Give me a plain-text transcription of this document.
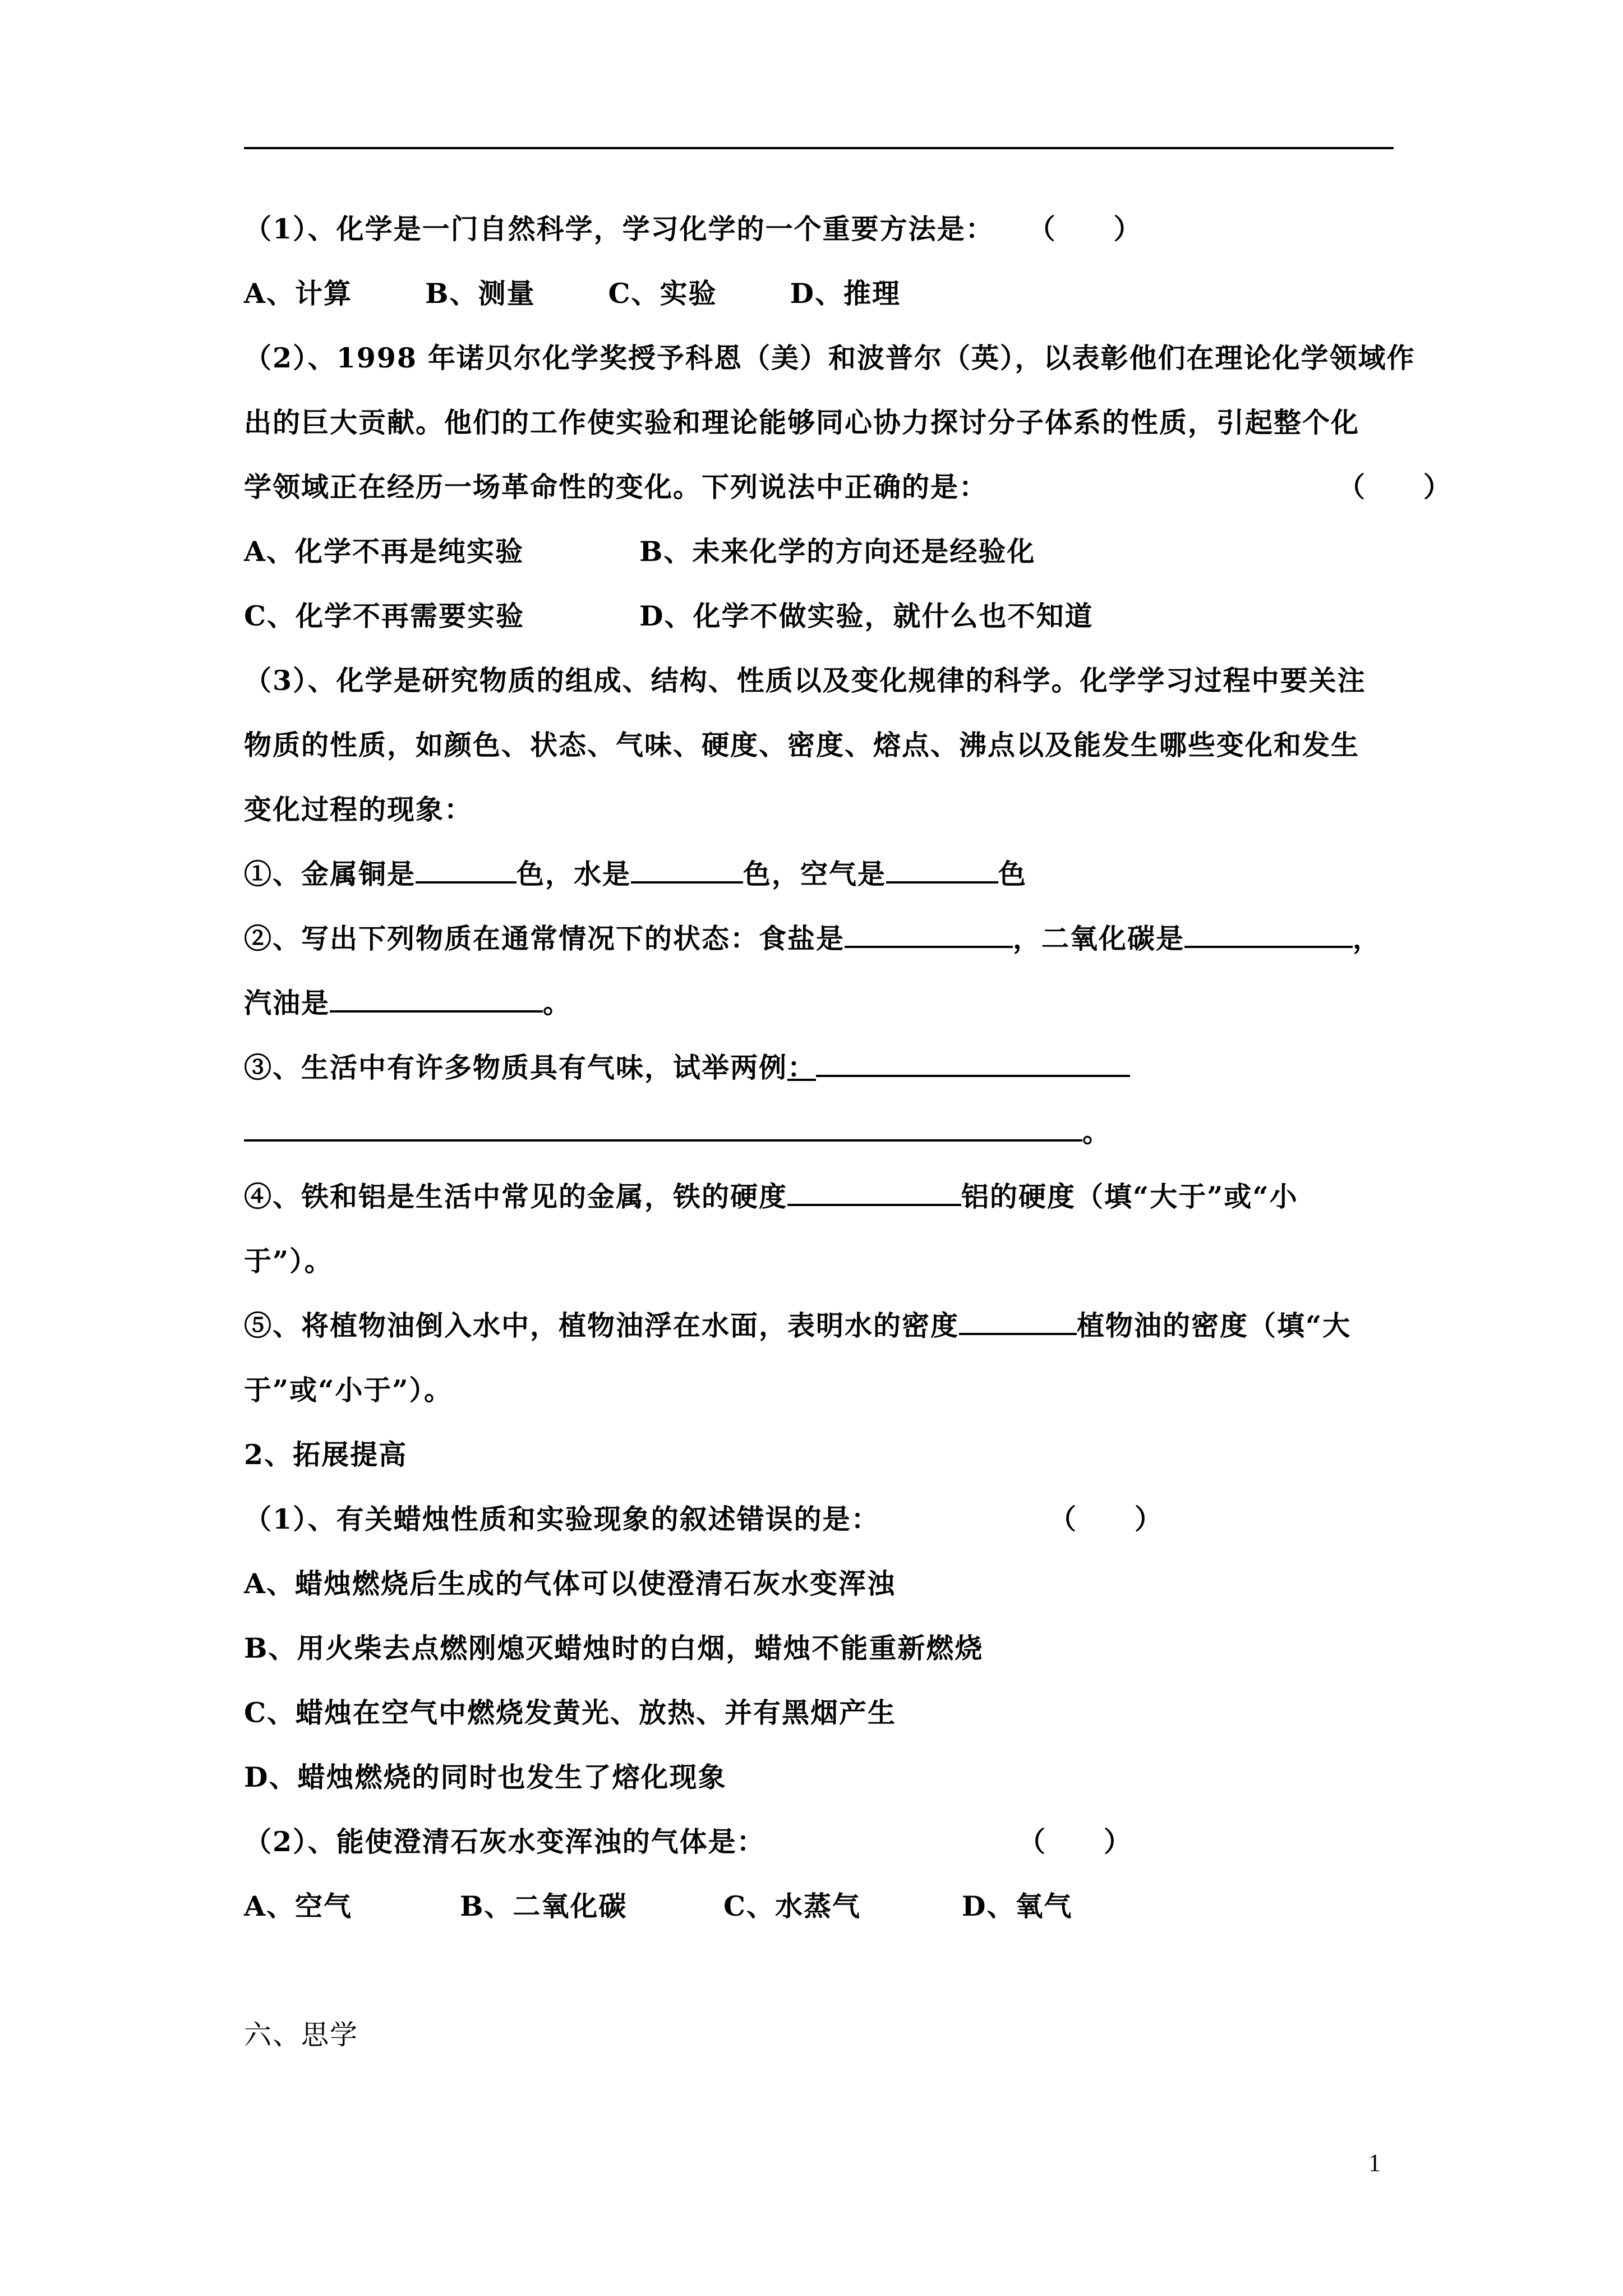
（1）、化学是一门自然科学，学习化学的一个重要方法是： （　　）
A、计算	B、测量	C、实验	D、推理
（2）、1998 年诺贝尔化学奖授予科恩（美）和波普尔（英），以表彰他们在理论化学领域作
出的巨大贡献。他们的工作使实验和理论能够同心协力探讨分子体系的性质，引起整个化
学领域正在经历一场革命性的变化。下列说法中正确的是：	（　　）
A、化学不再是纯实验	B、未来化学的方向还是经验化
C、化学不再需要实验	D、化学不做实验，就什么也不知道
（3）、化学是研究物质的组成、结构、性质以及变化规律的科学。化学学习过程中要关注
物质的性质，如颜色、状态、气味、硬度、密度、熔点、沸点以及能发生哪些变化和发生
变化过程的现象：
①、金属铜是	色，水是	色，空气是	色
②、写出下列物质在通常情况下的状态：食盐是	，二氧化碳是	，
汽油是	。
③、生活中有许多物质具有气味，试举两例：
。
④、铁和铝是生活中常见的金属，铁的硬度	铝的硬度（填“大于”或“小
于”）。
⑤、将植物油倒入水中，植物油浮在水面，表明水的密度	植物油的密度（填“大
于”或“小于”）。
2、拓展提高
（1）、有关蜡烛性质和实验现象的叙述错误的是：	（　　）
A、蜡烛燃烧后生成的气体可以使澄清石灰水变浑浊
B、用火柴去点燃刚熄灭蜡烛时的白烟，蜡烛不能重新燃烧
C、蜡烛在空气中燃烧发黄光、放热、并有黑烟产生
D、蜡烛燃烧的同时也发生了熔化现象
（2）、能使澄清石灰水变浑浊的气体是：	（　　）
A、空气	B、二氧化碳	C、水蒸气	D、氧气
六、思学
1
